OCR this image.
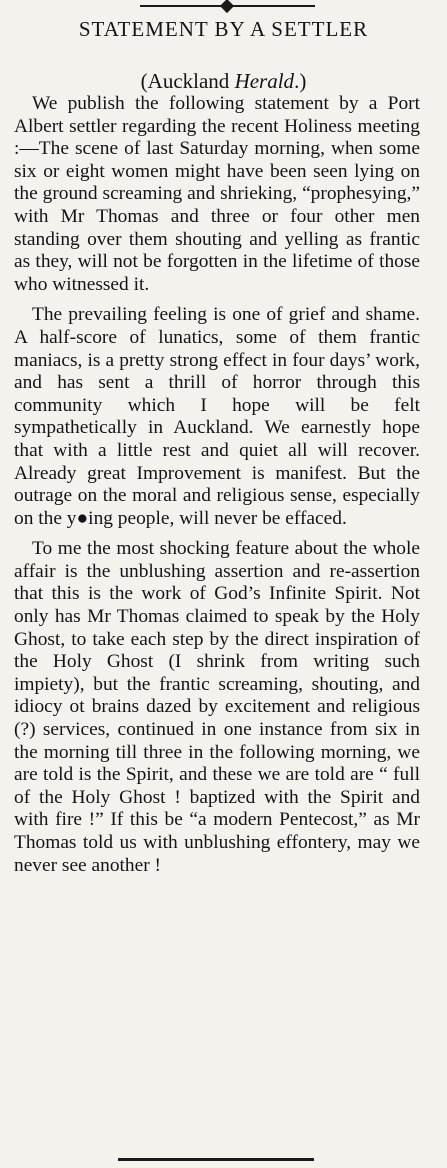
STATEMENT BY A SETTLER
(Auckland Herald.)

We publish the following statement by a Port Albert settler regarding the recent Holiness meeting :—The scene of last Saturday morning, when some six or eight women might have been seen lying on the ground screaming and shrieking, “prophesying,” with Mr Thomas and three or four other men standing over them shouting and yelling as frantic as they, will not be forgotten in the lifetime of those who witnessed it.

The prevailing feeling is one of grief and shame. A half-score of lunatics, some of them frantic maniacs, is a pretty strong effect in four days’ work, and has sent a thrill of horror through this community which I hope will be felt sympathetically in Auckland. We earnestly hope that with a little rest and quiet all will recover. Already great Improvement is manifest. But the outrage on the moral and religious sense, especially on the y●ing people, will never be effaced.

To me the most shocking feature about the whole affair is the unblushing assertion and re-assertion that this is the work of God’s Infinite Spirit. Not only has Mr Thomas claimed to speak by the Holy Ghost, to take each step by the direct inspiration of the Holy Ghost (I shrink from writing such impiety), but the frantic screaming, shouting, and idiocy ot brains dazed by excitement and religious (?) services, continued in one instance from six in the morning till three in the following morning, we are told is the Spirit, and these we are told are “ full of the Holy Ghost ! baptized with the Spirit and with fire !” If this be “a modern Pentecost,” as Mr Thomas told us with unblushing effontery, may we never see another !
